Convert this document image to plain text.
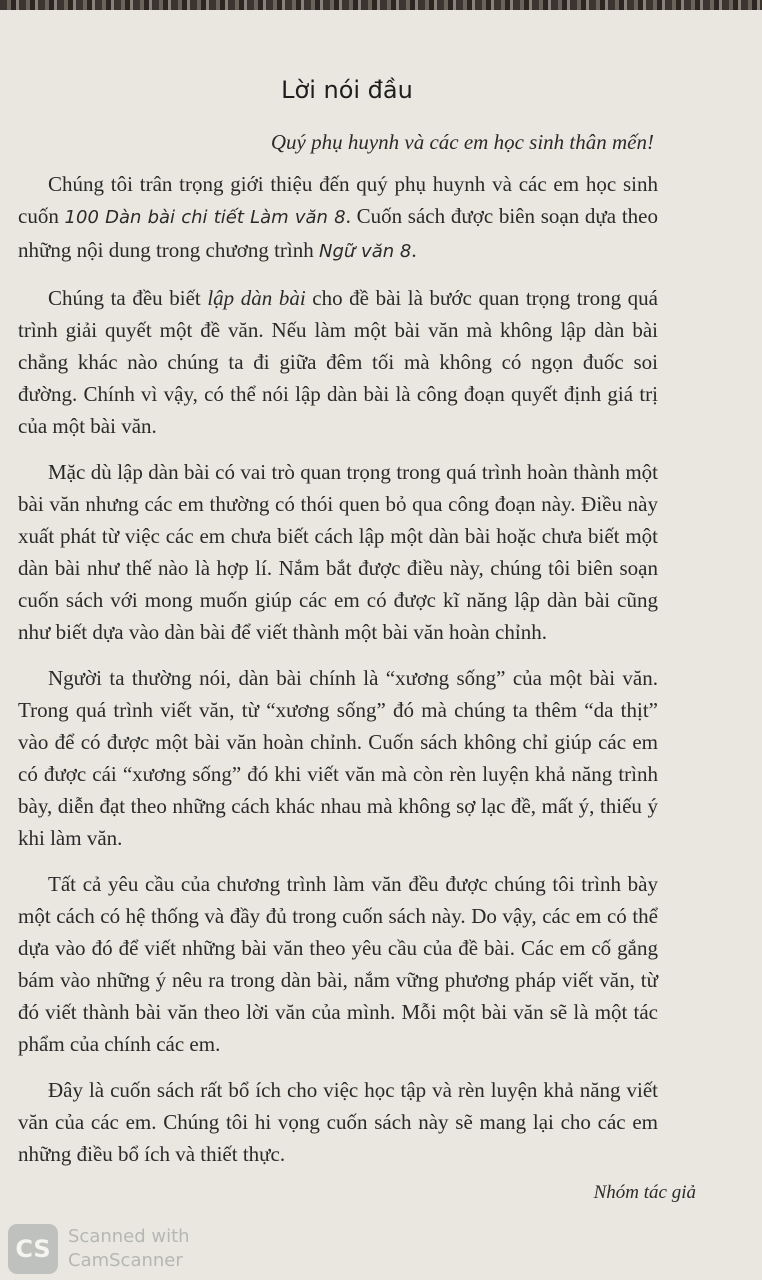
Lời nói đầu

Quý phụ huynh và các em học sinh thân mến!

Chúng tôi trân trọng giới thiệu đến quý phụ huynh và các em học sinh cuốn 100 Dàn bài chi tiết Làm văn 8. Cuốn sách được biên soạn dựa theo những nội dung trong chương trình Ngữ văn 8.

Chúng ta đều biết lập dàn bài cho đề bài là bước quan trọng trong quá trình giải quyết một đề văn. Nếu làm một bài văn mà không lập dàn bài chẳng khác nào chúng ta đi giữa đêm tối mà không có ngọn đuốc soi đường. Chính vì vậy, có thể nói lập dàn bài là công đoạn quyết định giá trị của một bài văn.

Mặc dù lập dàn bài có vai trò quan trọng trong quá trình hoàn thành một bài văn nhưng các em thường có thói quen bỏ qua công đoạn này. Điều này xuất phát từ việc các em chưa biết cách lập một dàn bài hoặc chưa biết một dàn bài như thế nào là hợp lí. Nắm bắt được điều này, chúng tôi biên soạn cuốn sách với mong muốn giúp các em có được kĩ năng lập dàn bài cũng như biết dựa vào dàn bài để viết thành một bài văn hoàn chỉnh.

Người ta thường nói, dàn bài chính là “xương sống” của một bài văn. Trong quá trình viết văn, từ “xương sống” đó mà chúng ta thêm “da thịt” vào để có được một bài văn hoàn chỉnh. Cuốn sách không chỉ giúp các em có được cái “xương sống” đó khi viết văn mà còn rèn luyện khả năng trình bày, diễn đạt theo những cách khác nhau mà không sợ lạc đề, mất ý, thiếu ý khi làm văn.

Tất cả yêu cầu của chương trình làm văn đều được chúng tôi trình bày một cách có hệ thống và đầy đủ trong cuốn sách này. Do vậy, các em có thể dựa vào đó để viết những bài văn theo yêu cầu của đề bài. Các em cố gắng bám vào những ý nêu ra trong dàn bài, nắm vững phương pháp viết văn, từ đó viết thành bài văn theo lời văn của mình. Mỗi một bài văn sẽ là một tác phẩm của chính các em.

Đây là cuốn sách rất bổ ích cho việc học tập và rèn luyện khả năng viết văn của các em. Chúng tôi hi vọng cuốn sách này sẽ mang lại cho các em những điều bổ ích và thiết thực.

Nhóm tác giả

CS Scanned with
CamScanner
